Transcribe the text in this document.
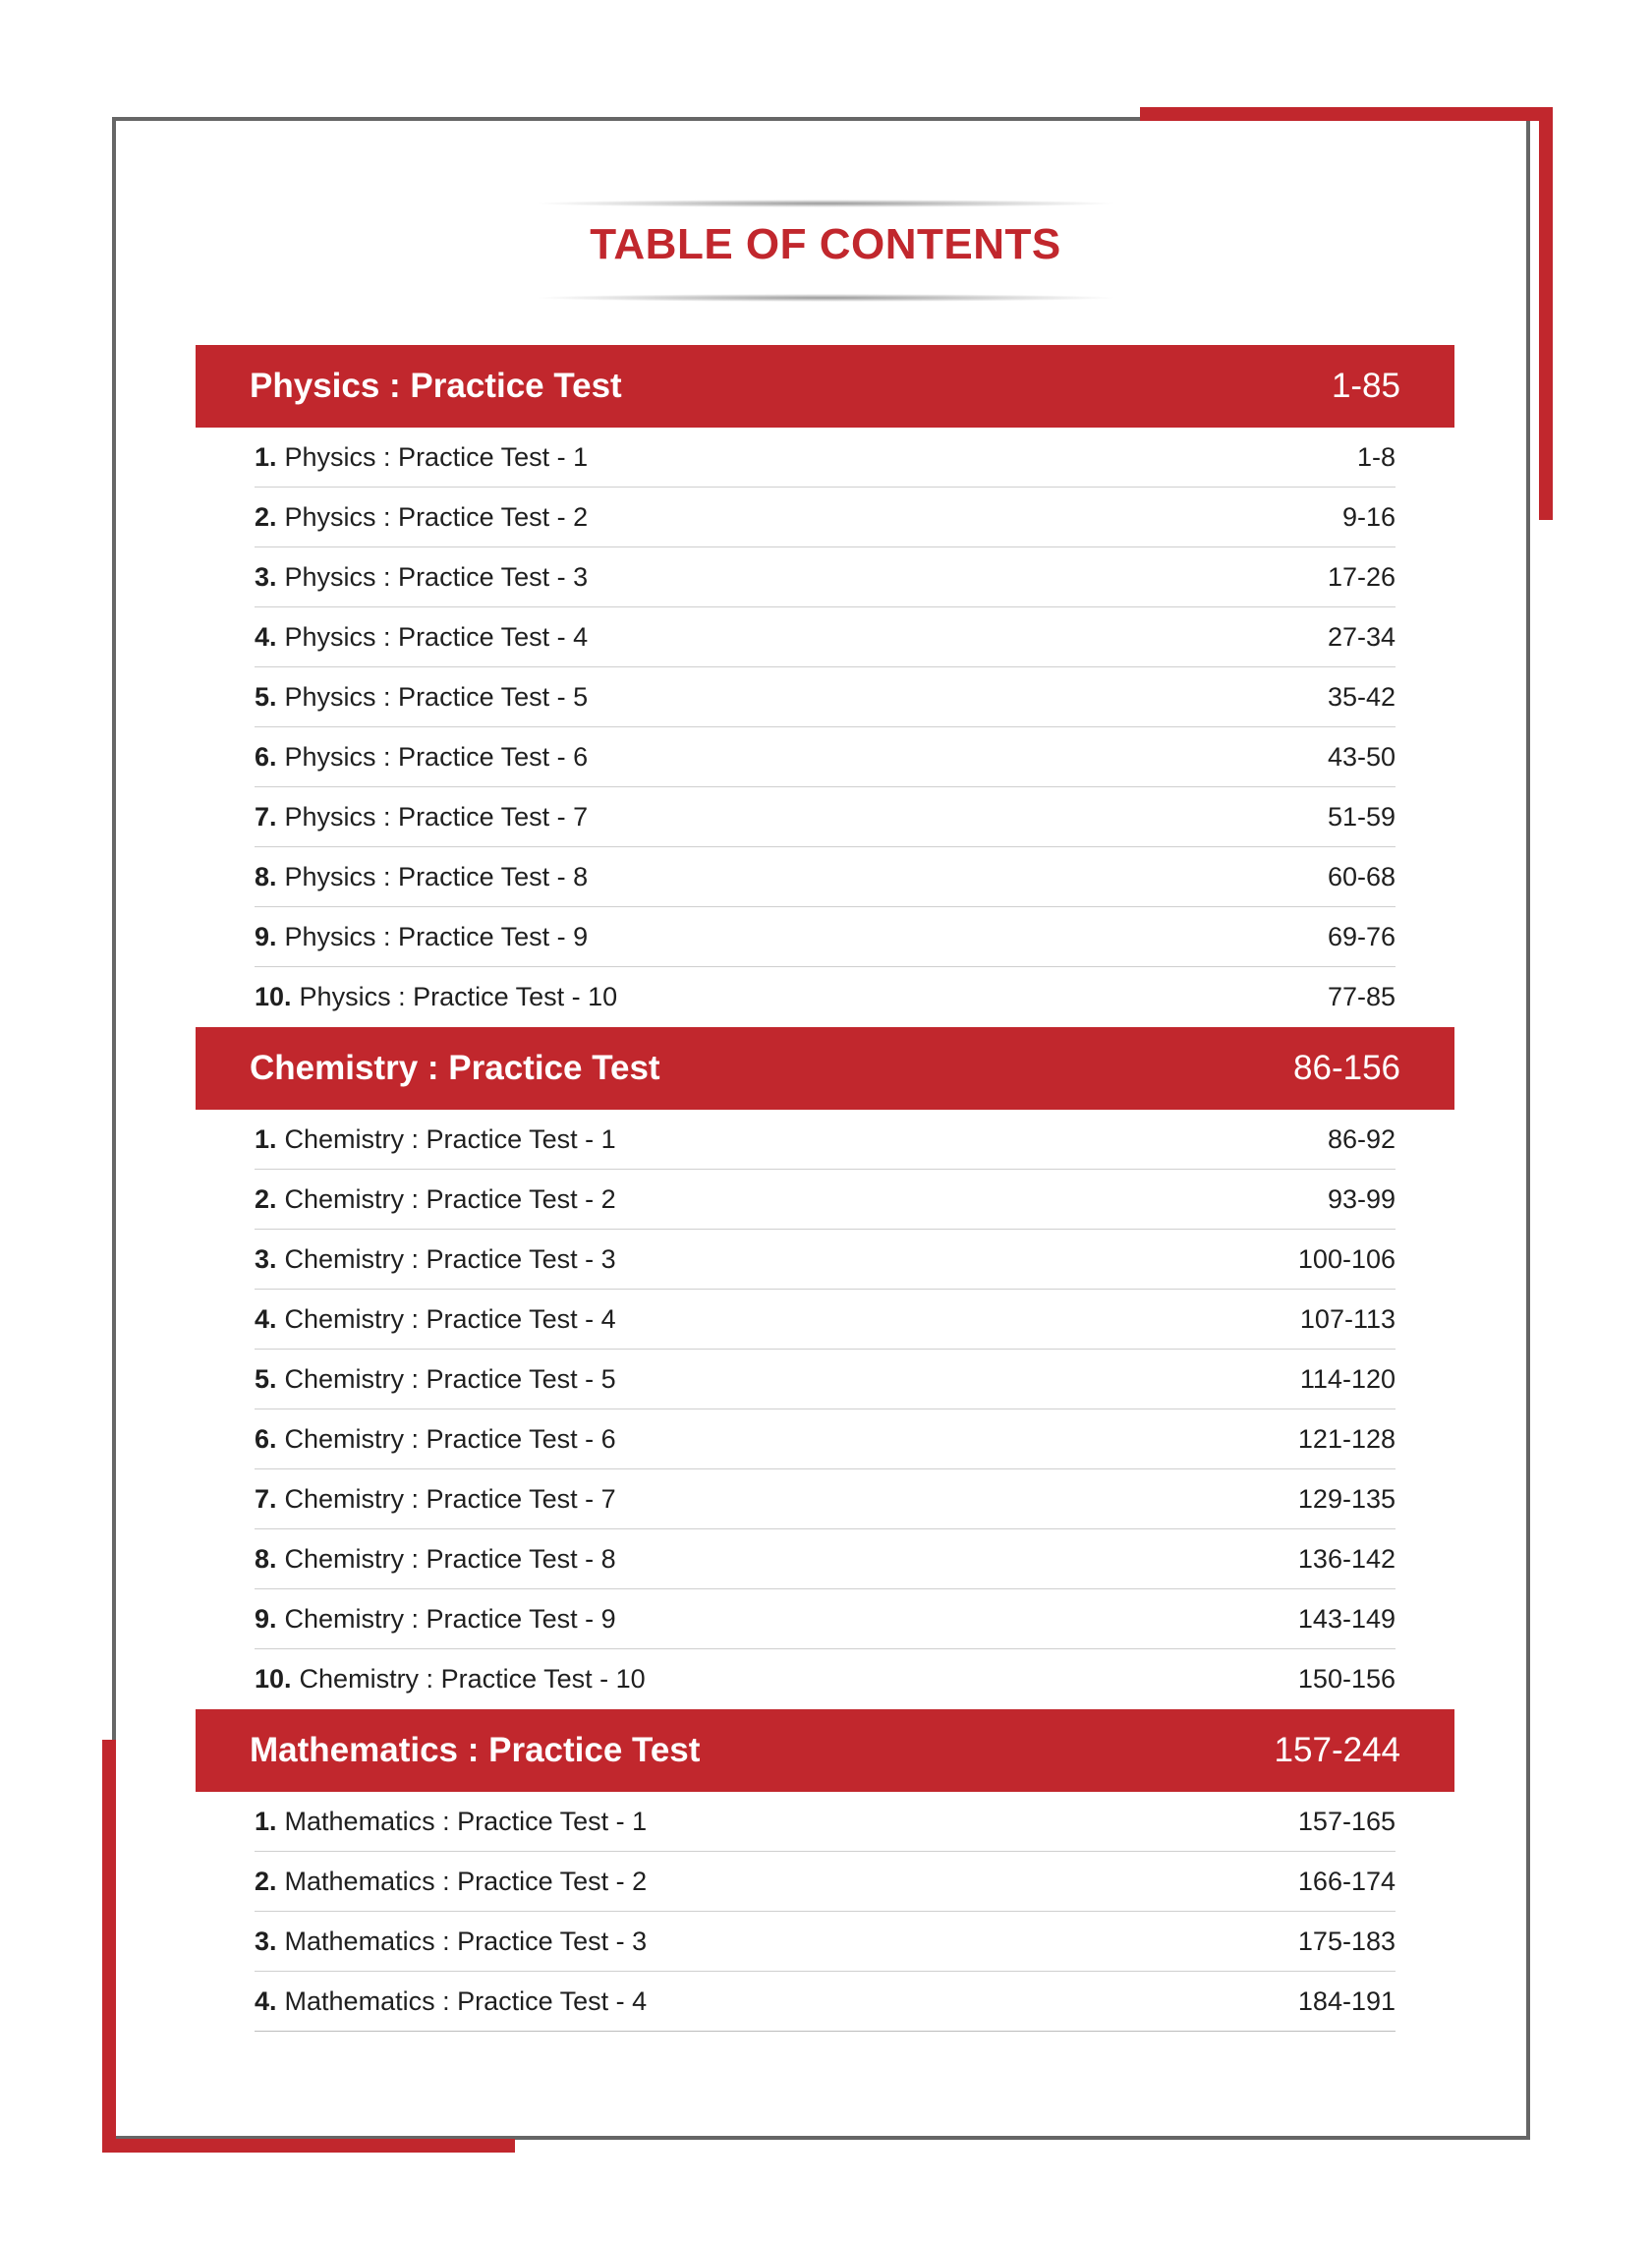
TABLE OF CONTENTS
Physics : Practice Test	1-85
1. Physics : Practice Test - 1	1-8
2. Physics : Practice Test - 2	9-16
3. Physics : Practice Test - 3	17-26
4. Physics : Practice Test - 4	27-34
5. Physics : Practice Test - 5	35-42
6. Physics : Practice Test - 6	43-50
7. Physics : Practice Test - 7	51-59
8. Physics : Practice Test - 8	60-68
9. Physics : Practice Test - 9	69-76
10. Physics : Practice Test - 10	77-85
Chemistry : Practice Test	86-156
1. Chemistry : Practice Test - 1	86-92
2. Chemistry : Practice Test - 2	93-99
3. Chemistry : Practice Test - 3	100-106
4. Chemistry : Practice Test - 4	107-113
5. Chemistry : Practice Test - 5	114-120
6. Chemistry : Practice Test - 6	121-128
7. Chemistry : Practice Test - 7	129-135
8. Chemistry : Practice Test - 8	136-142
9. Chemistry : Practice Test - 9	143-149
10. Chemistry : Practice Test - 10	150-156
Mathematics : Practice Test	157-244
1. Mathematics : Practice Test - 1	157-165
2. Mathematics : Practice Test - 2	166-174
3. Mathematics : Practice Test - 3	175-183
4. Mathematics : Practice Test - 4	184-191
